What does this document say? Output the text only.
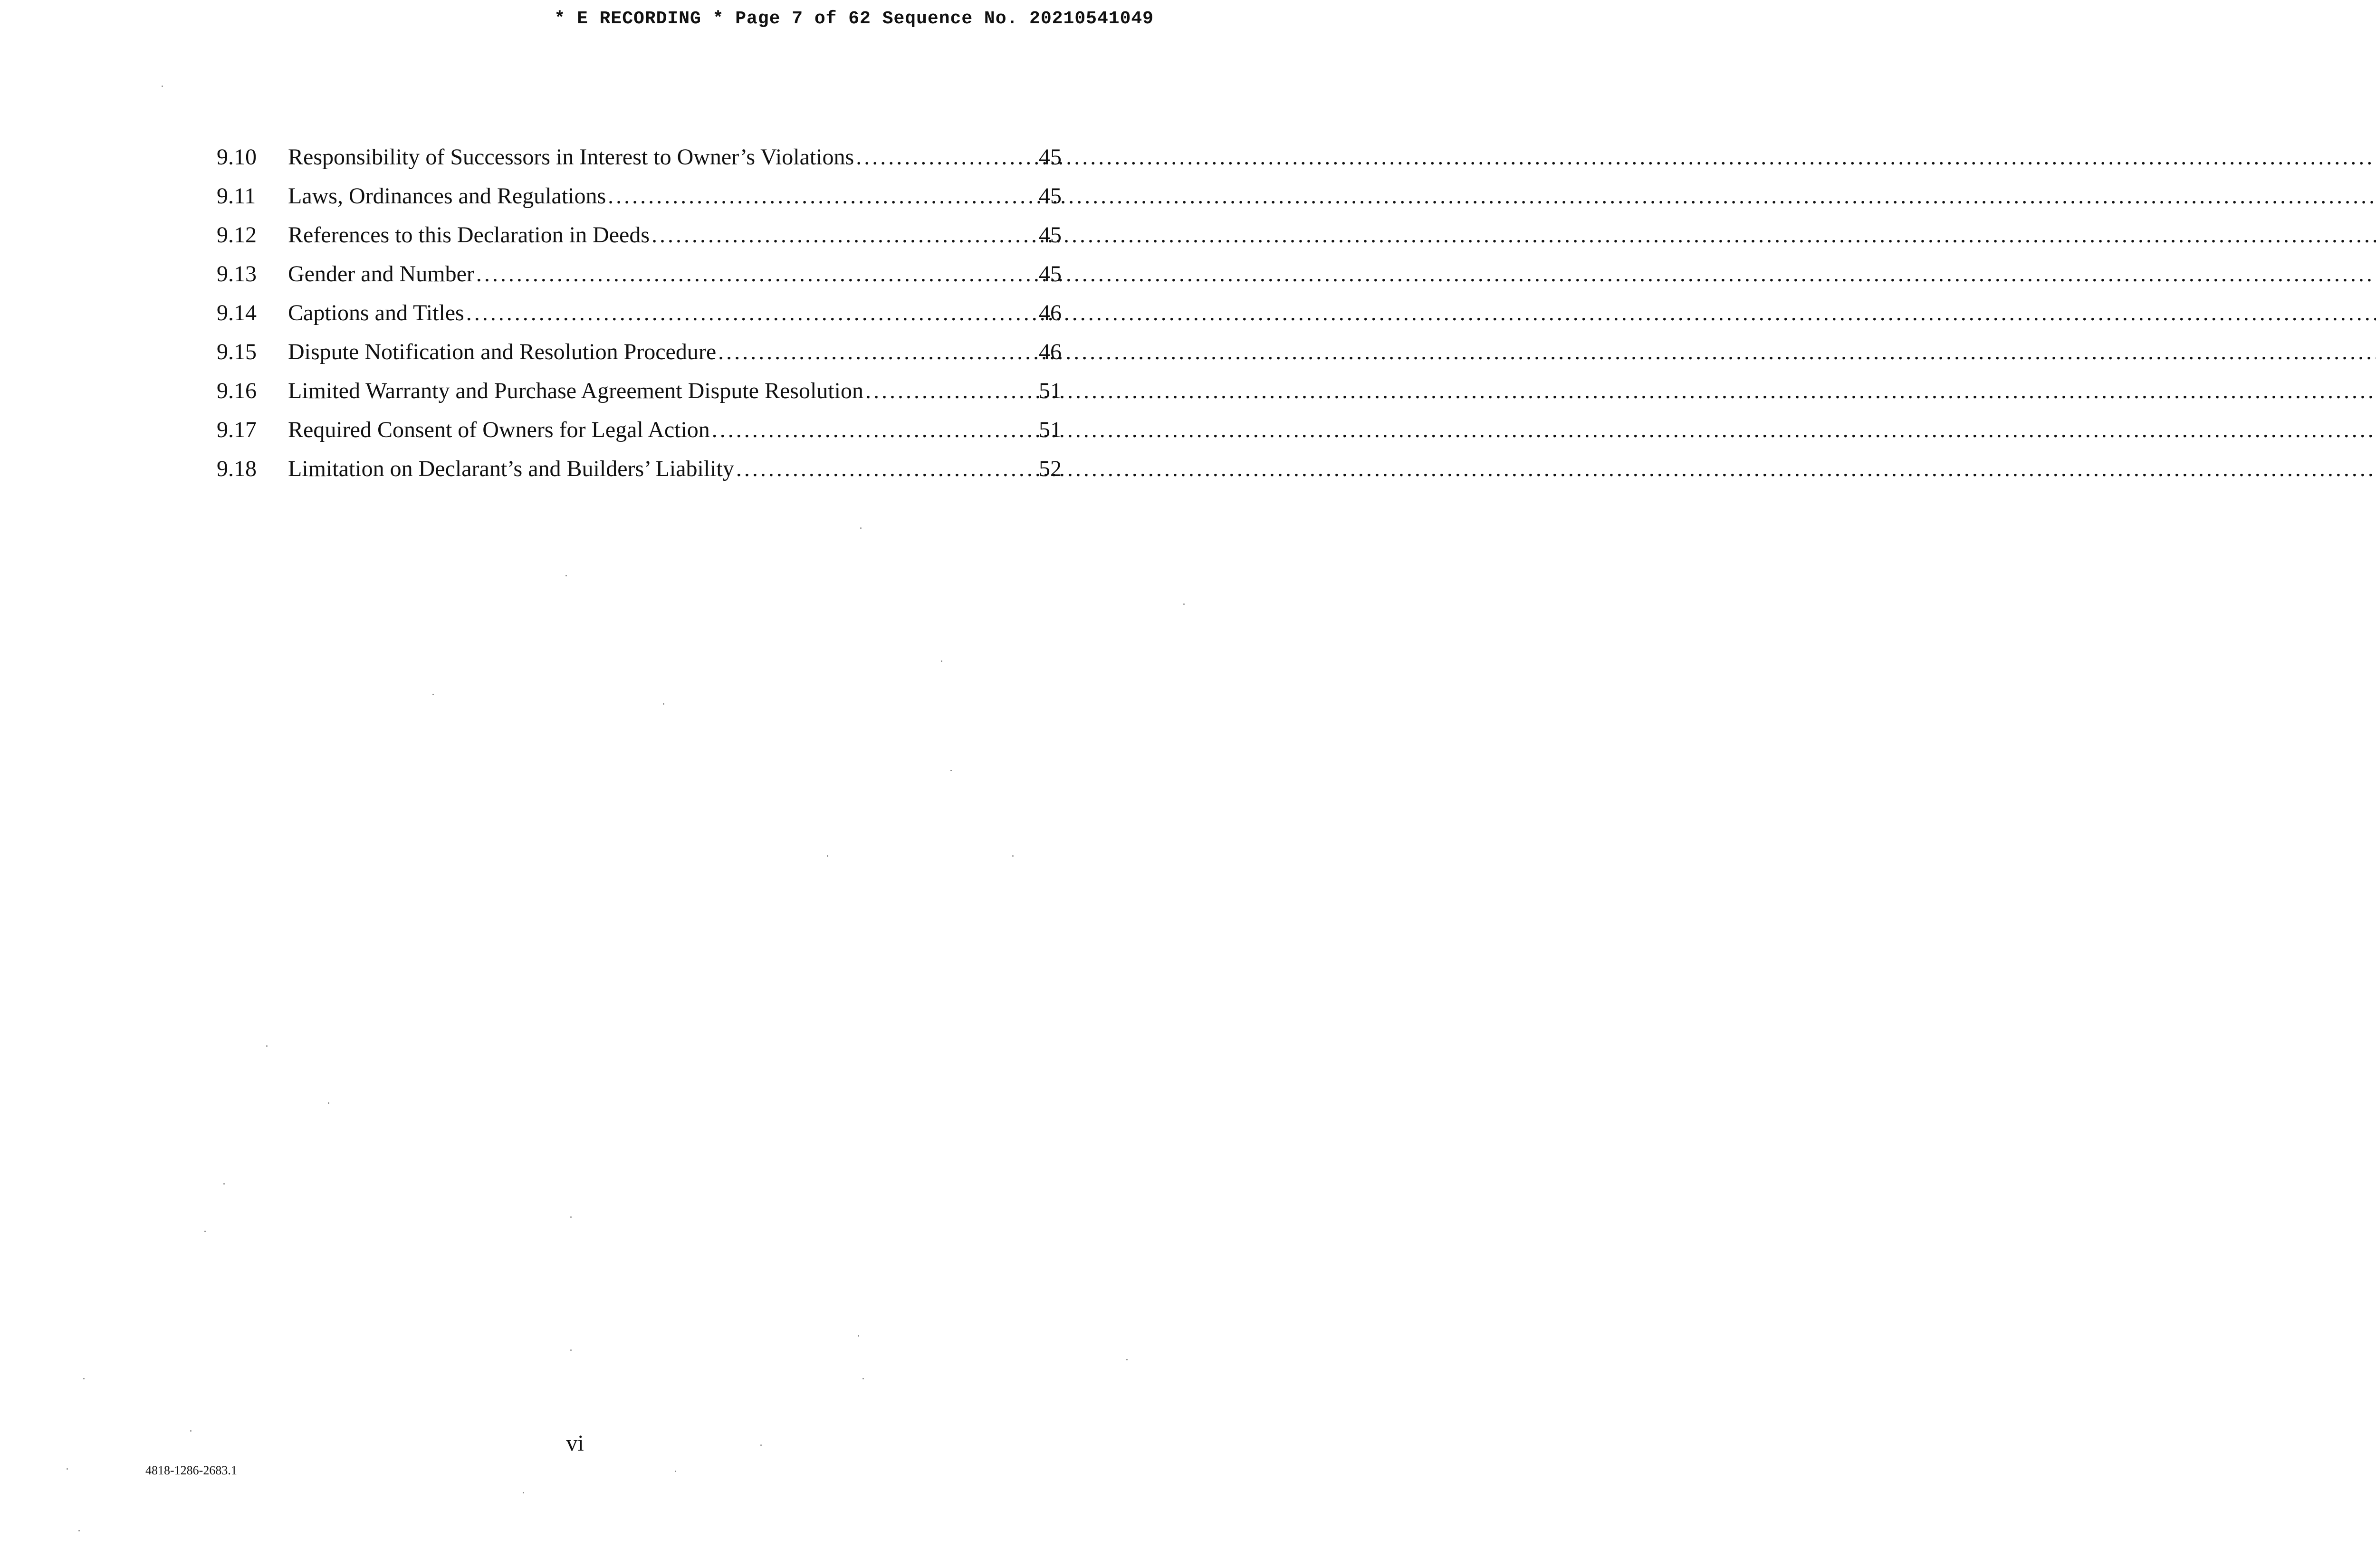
* E RECORDING * Page 7 of 62 Sequence No. 20210541049
9.10	Responsibility of Successors in Interest to Owner’s Violations .....	45
9.11	Laws, Ordinances and Regulations .....	45
9.12	References to this Declaration in Deeds .....	45
9.13	Gender and Number .....	45
9.14	Captions and Titles .....	46
9.15	Dispute Notification and Resolution Procedure .....	46
9.16	Limited Warranty and Purchase Agreement Dispute Resolution .....	51
9.17	Required Consent of Owners for Legal Action .....	51
9.18	Limitation on Declarant’s and Builders’ Liability .....	52
vi
4818-1286-2683.1
